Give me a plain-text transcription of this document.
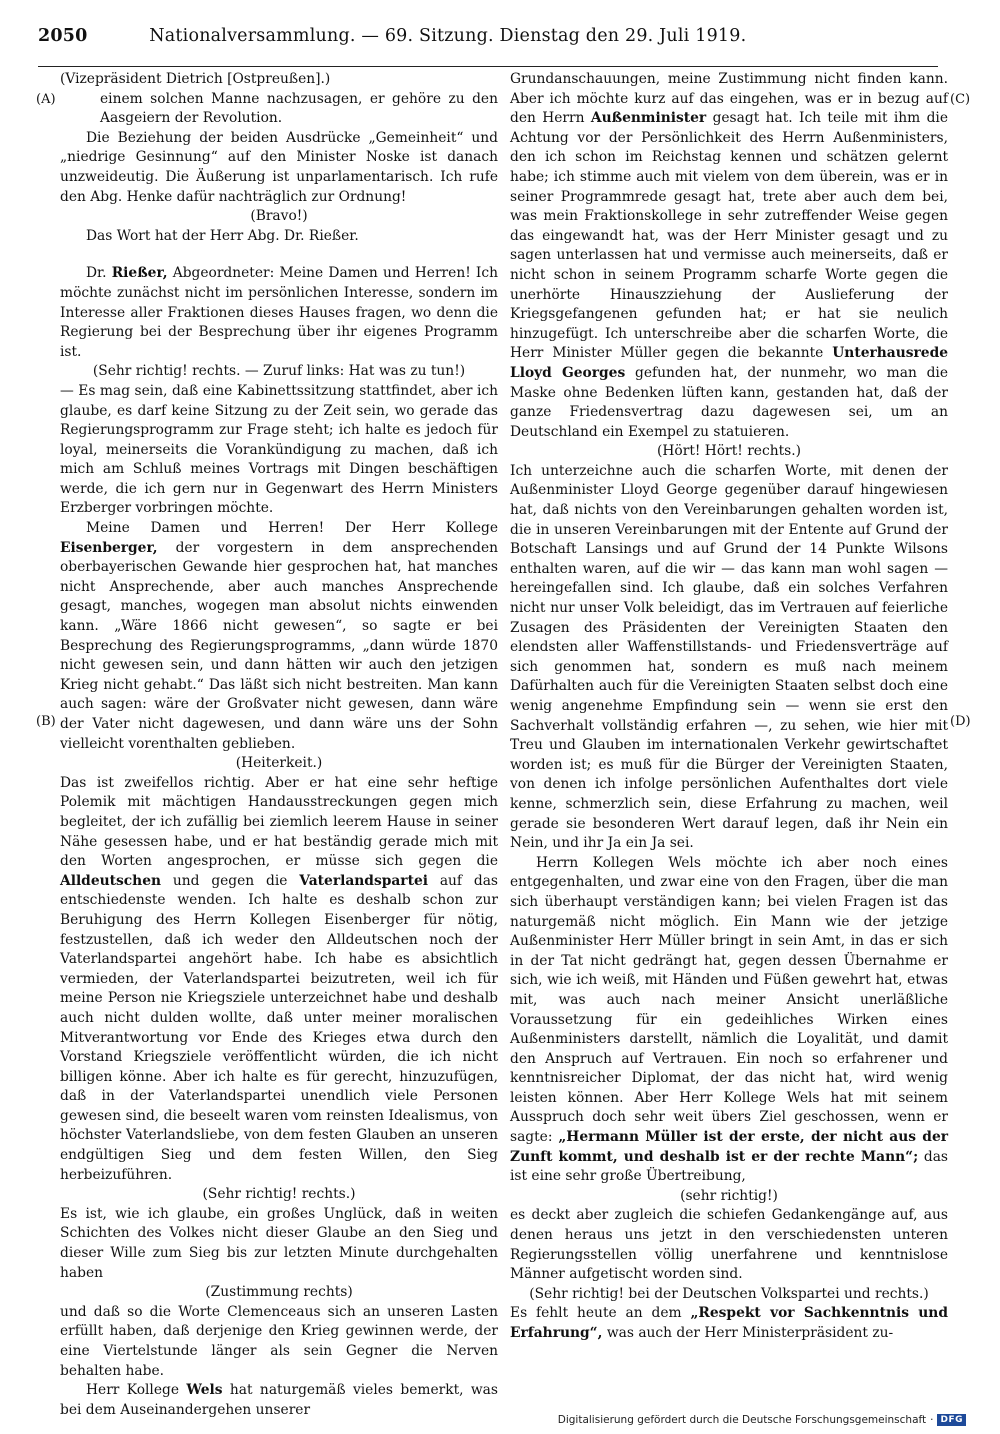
2050	Nationalversammlung. — 69. Sitzung. Dienstag den 29. Juli 1919.
(A)
(B)
(C)
(D)

(Vizepräsident Dietrich [Ostpreußen].)

einem solchen Manne nachzusagen, er gehöre zu den Aasgeiern der Revolution.

Die Beziehung der beiden Ausdrücke „Gemeinheit“ und „niedrige Gesinnung“ auf den Minister Noske ist danach unzweideutig. Die Äußerung ist unparlamentarisch. Ich rufe den Abg. Henke dafür nachträglich zur Ordnung!

(Bravo!)

Das Wort hat der Herr Abg. Dr. Rießer.

Dr. Rießer, Abgeordneter: Meine Damen und Herren! Ich möchte zunächst nicht im persönlichen Interesse, sondern im Interesse aller Fraktionen dieses Hauses fragen, wo denn die Regierung bei der Besprechung über ihr eigenes Programm ist.

(Sehr richtig! rechts. — Zuruf links: Hat was zu tun!)

— Es mag sein, daß eine Kabinettssitzung stattfindet, aber ich glaube, es darf keine Sitzung zu der Zeit sein, wo gerade das Regierungsprogramm zur Frage steht; ich halte es jedoch für loyal, meinerseits die Vorankündigung zu machen, daß ich mich am Schluß meines Vortrags mit Dingen beschäftigen werde, die ich gern nur in Gegenwart des Herrn Ministers Erzberger vorbringen möchte.

Meine Damen und Herren! Der Herr Kollege Eisenberger, der vorgestern in dem ansprechenden oberbayerischen Gewande hier gesprochen hat, hat manches nicht Ansprechende, aber auch manches Ansprechende gesagt, manches, wogegen man absolut nichts einwenden kann. „Wäre 1866 nicht gewesen“, so sagte er bei Besprechung des Regierungsprogramms, „dann würde 1870 nicht gewesen sein, und dann hätten wir auch den jetzigen Krieg nicht gehabt.“ Das läßt sich nicht bestreiten. Man kann auch sagen: wäre der Großvater nicht gewesen, dann wäre der Vater nicht dagewesen, und dann wäre uns der Sohn vielleicht vorenthalten geblieben.

(Heiterkeit.)

Das ist zweifellos richtig. Aber er hat eine sehr heftige Polemik mit mächtigen Handausstreckungen gegen mich begleitet, der ich zufällig bei ziemlich leerem Hause in seiner Nähe gesessen habe, und er hat beständig gerade mich mit den Worten angesprochen, er müsse sich gegen die Alldeutschen und gegen die Vaterlandspartei auf das entschiedenste wenden. Ich halte es deshalb schon zur Beruhigung des Herrn Kollegen Eisenberger für nötig, festzustellen, daß ich weder den Alldeutschen noch der Vaterlandspartei angehört habe. Ich habe es absichtlich vermieden, der Vaterlandspartei beizutreten, weil ich für meine Person nie Kriegsziele unterzeichnet habe und deshalb auch nicht dulden wollte, daß unter meiner moralischen Mitverantwortung vor Ende des Krieges etwa durch den Vorstand Kriegsziele veröffentlicht würden, die ich nicht billigen könne. Aber ich halte es für gerecht, hinzuzufügen, daß in der Vaterlandspartei unendlich viele Personen gewesen sind, die beseelt waren vom reinsten Idealismus, von höchster Vaterlandsliebe, von dem festen Glauben an unseren endgültigen Sieg und dem festen Willen, den Sieg herbeizuführen.

(Sehr richtig! rechts.)

Es ist, wie ich glaube, ein großes Unglück, daß in weiten Schichten des Volkes nicht dieser Glaube an den Sieg und dieser Wille zum Sieg bis zur letzten Minute durchgehalten haben

(Zustimmung rechts)

und daß so die Worte Clemenceaus sich an unseren Lasten erfüllt haben, daß derjenige den Krieg gewinnen werde, der eine Viertelstunde länger als sein Gegner die Nerven behalten habe.

Herr Kollege Wels hat naturgemäß vieles bemerkt, was bei dem Auseinandergehen unserer

Grundanschauungen, meine Zustimmung nicht finden kann. Aber ich möchte kurz auf das eingehen, was er in bezug auf den Herrn Außenminister gesagt hat. Ich teile mit ihm die Achtung vor der Persönlichkeit des Herrn Außenministers, den ich schon im Reichstag kennen und schätzen gelernt habe; ich stimme auch mit vielem von dem überein, was er in seiner Programmrede gesagt hat, trete aber auch dem bei, was mein Fraktionskollege in sehr zutreffender Weise gegen das eingewandt hat, was der Herr Minister gesagt und zu sagen unterlassen hat und vermisse auch meinerseits, daß er nicht schon in seinem Programm scharfe Worte gegen die unerhörte Hinauszziehung der Auslieferung der Kriegsgefangenen gefunden hat; er hat sie neulich hinzugefügt. Ich unterschreibe aber die scharfen Worte, die Herr Minister Müller gegen die bekannte Unterhausrede Lloyd Georges gefunden hat, der nunmehr, wo man die Maske ohne Bedenken lüften kann, gestanden hat, daß der ganze Friedensvertrag dazu dagewesen sei, um an Deutschland ein Exempel zu statuieren.

(Hört! Hört! rechts.)

Ich unterzeichne auch die scharfen Worte, mit denen der Außenminister Lloyd George gegenüber darauf hingewiesen hat, daß nichts von den Vereinbarungen gehalten worden ist, die in unseren Vereinbarungen mit der Entente auf Grund der Botschaft Lansings und auf Grund der 14 Punkte Wilsons enthalten waren, auf die wir — das kann man wohl sagen — hereingefallen sind. Ich glaube, daß ein solches Verfahren nicht nur unser Volk beleidigt, das im Vertrauen auf feierliche Zusagen des Präsidenten der Vereinigten Staaten den elendsten aller Waffenstillstands- und Friedensverträge auf sich genommen hat, sondern es muß nach meinem Dafürhalten auch für die Vereinigten Staaten selbst doch eine wenig angenehme Empfindung sein — wenn sie erst den Sachverhalt vollständig erfahren —, zu sehen, wie hier mit Treu und Glauben im internationalen Verkehr gewirtschaftet worden ist; es muß für die Bürger der Vereinigten Staaten, von denen ich infolge persönlichen Aufenthaltes dort viele kenne, schmerzlich sein, diese Erfahrung zu machen, weil gerade sie besonderen Wert darauf legen, daß ihr Nein ein Nein, und ihr Ja ein Ja sei.

Herrn Kollegen Wels möchte ich aber noch eines entgegenhalten, und zwar eine von den Fragen, über die man sich überhaupt verständigen kann; bei vielen Fragen ist das naturgemäß nicht möglich. Ein Mann wie der jetzige Außenminister Herr Müller bringt in sein Amt, in das er sich in der Tat nicht gedrängt hat, gegen dessen Übernahme er sich, wie ich weiß, mit Händen und Füßen gewehrt hat, etwas mit, was auch nach meiner Ansicht unerläßliche Voraussetzung für ein gedeihliches Wirken eines Außenministers darstellt, nämlich die Loyalität, und damit den Anspruch auf Vertrauen. Ein noch so erfahrener und kenntnisreicher Diplomat, der das nicht hat, wird wenig leisten können. Aber Herr Kollege Wels hat mit seinem Ausspruch doch sehr weit übers Ziel geschossen, wenn er sagte: „Hermann Müller ist der erste, der nicht aus der Zunft kommt, und deshalb ist er der rechte Mann“; das ist eine sehr große Übertreibung,

(sehr richtig!)

es deckt aber zugleich die schiefen Gedankengänge auf, aus denen heraus uns jetzt in den verschiedensten unteren Regierungsstellen völlig unerfahrene und kenntnislose Männer aufgetischt worden sind.

(Sehr richtig! bei der Deutschen Volkspartei und rechts.)

Es fehlt heute an dem „Respekt vor Sachkenntnis und Erfahrung“, was auch der Herr Ministerpräsident zu-

Digitalisierung gefördert durch die Deutsche Forschungsgemeinschaft · DFG
